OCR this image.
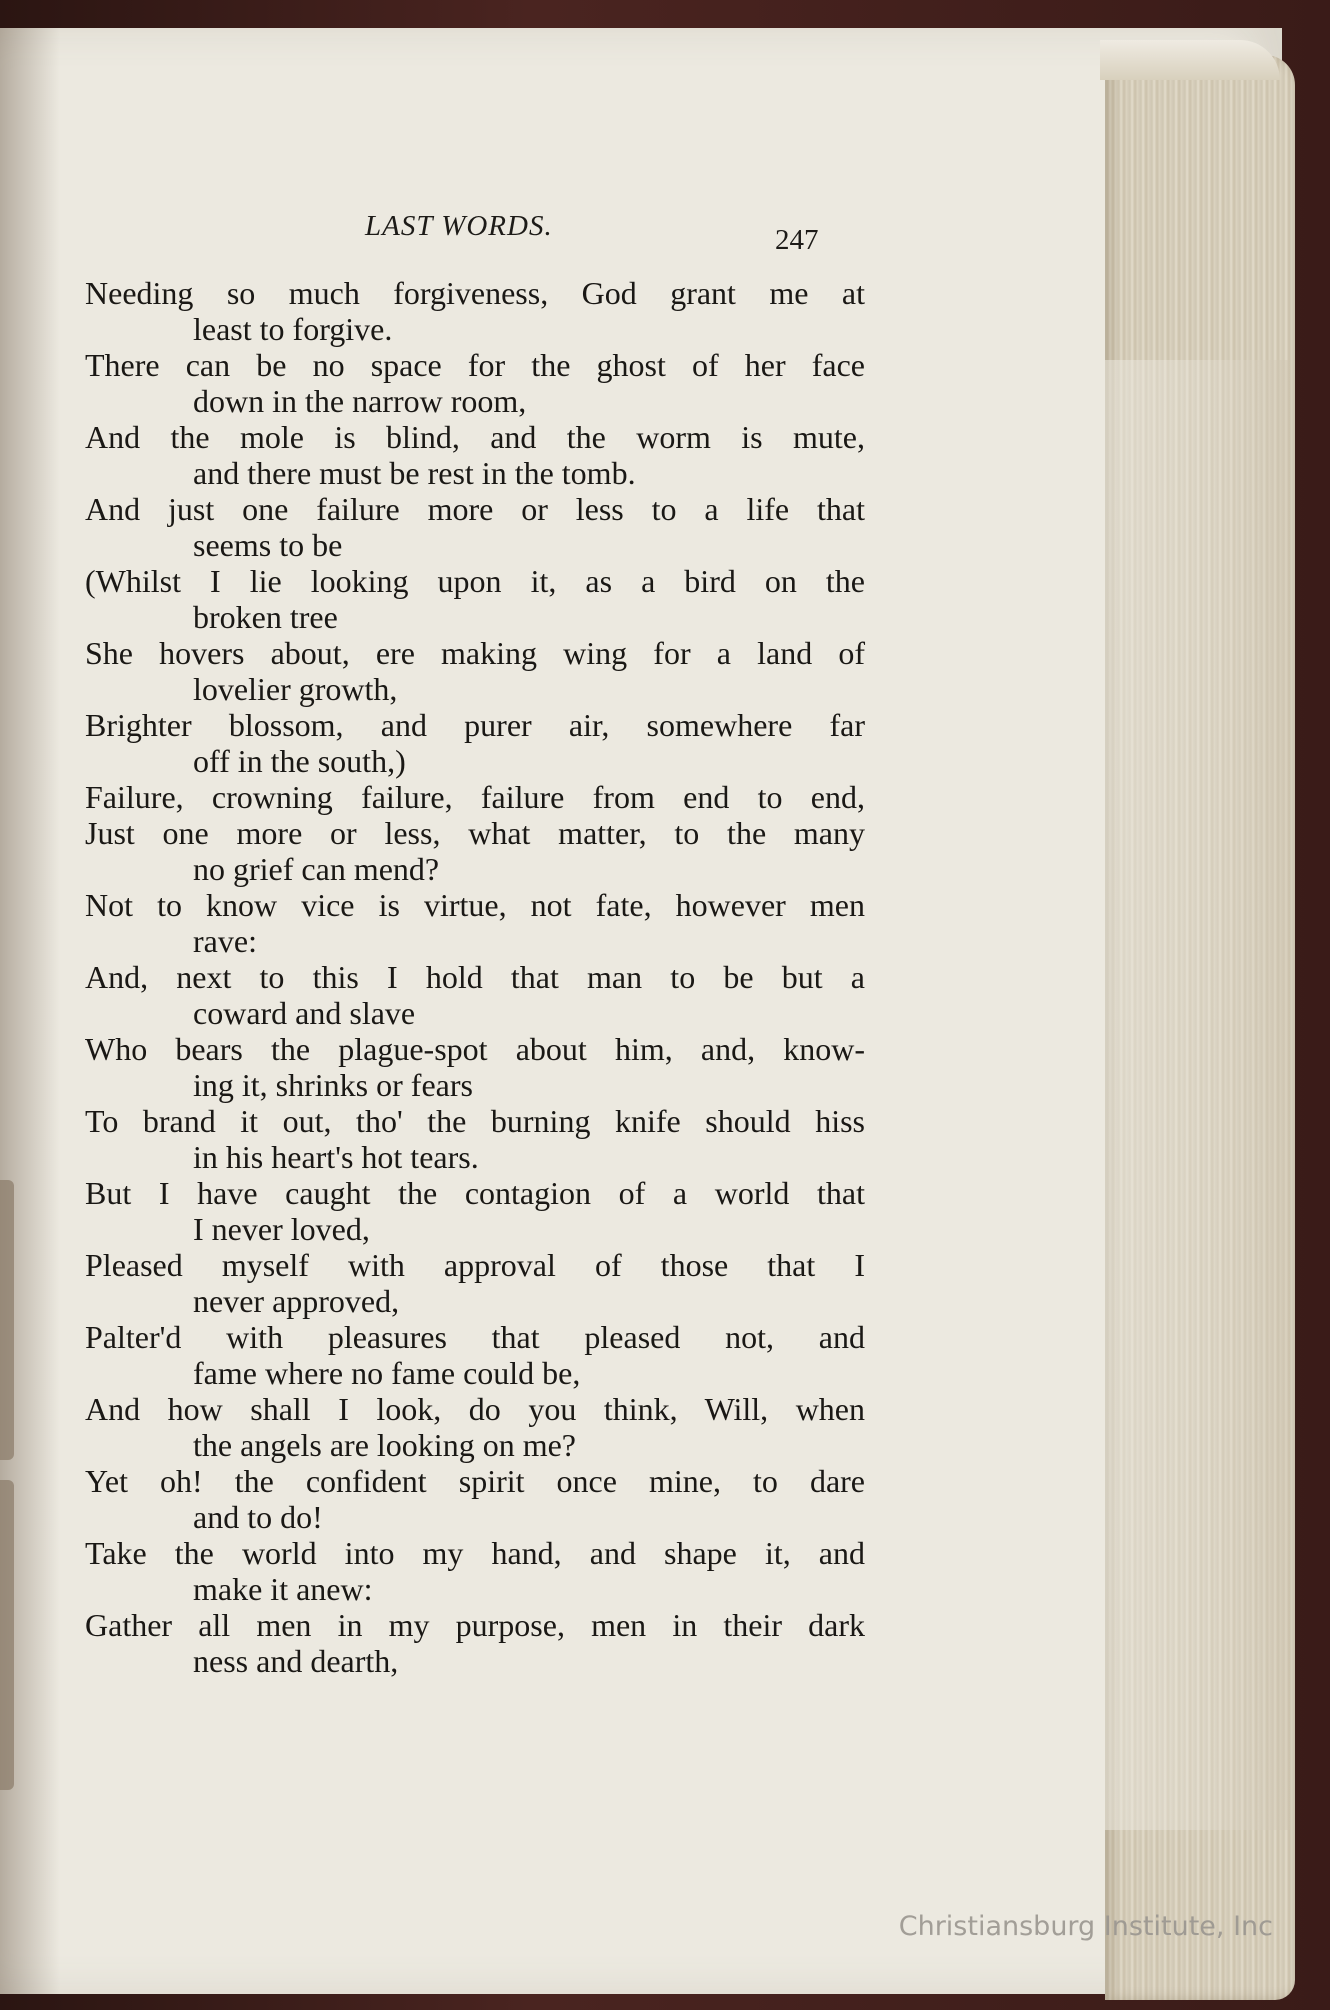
LAST WORDS.	247
Needing so much forgiveness, God grant me at
least to forgive.
There can be no space for the ghost of her face
down in the narrow room,
And the mole is blind, and the worm is mute,
and there must be rest in the tomb.
And just one failure more or less to a life that
seems to be
(Whilst I lie looking upon it, as a bird on the
broken tree
She hovers about, ere making wing for a land of
lovelier growth,
Brighter blossom, and purer air, somewhere far
off in the south,)
Failure, crowning failure, failure from end to end,
Just one more or less, what matter, to the many
no grief can mend?
Not to know vice is virtue, not fate, however men
rave:
And, next to this I hold that man to be but a
coward and slave
Who bears the plague-spot about him, and, know-
ing it, shrinks or fears
To brand it out, tho' the burning knife should hiss
in his heart's hot tears.
But I have caught the contagion of a world that
I never loved,
Pleased myself with approval of those that I
never approved,
Palter'd with pleasures that pleased not, and
fame where no fame could be,
And how shall I look, do you think, Will, when
the angels are looking on me?
Yet oh! the confident spirit once mine, to dare
and to do!
Take the world into my hand, and shape it, and
make it anew:
Gather all men in my purpose, men in their dark
ness and dearth,
Christiansburg Institute, Inc
